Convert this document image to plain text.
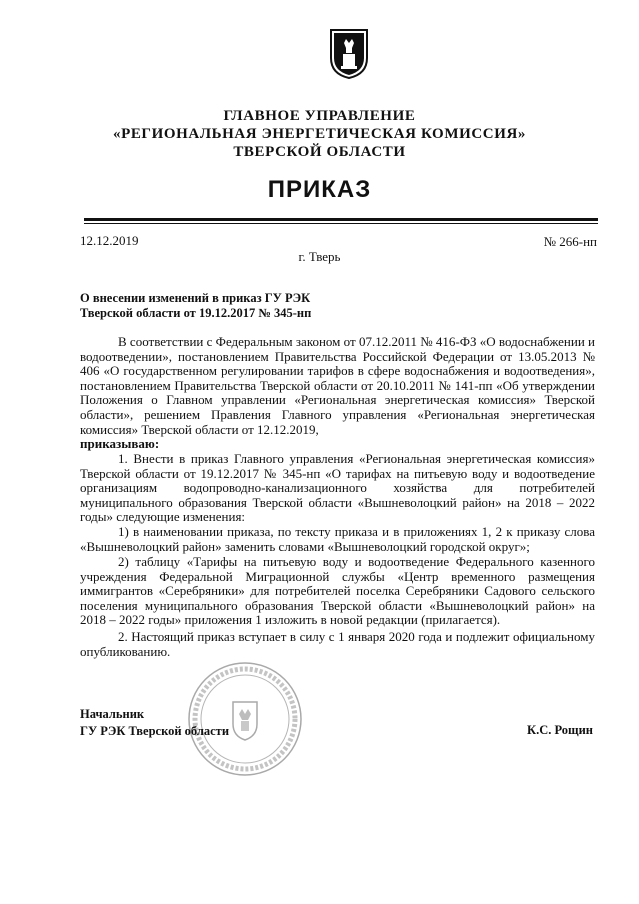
ГЛАВНОЕ УПРАВЛЕНИЕ
«РЕГИОНАЛЬНАЯ ЭНЕРГЕТИЧЕСКАЯ КОМИССИЯ»
ТВЕРСКОЙ ОБЛАСТИ
ПРИКАЗ
12.12.2019	№ 266-нп
г. Тверь
О внесении изменений в приказ ГУ РЭК
Тверской области от 19.12.2017 № 345-нп
В соответствии с Федеральным законом от 07.12.2011 № 416-ФЗ «О водоснабжении и водоотведении», постановлением Правительства Российской Федерации от 13.05.2013 № 406 «О государственном регулировании тарифов в сфере водоснабжения и водоотведения», постановлением Правительства Тверской области от 20.10.2011 № 141-пп «Об утверждении Положения о Главном управлении «Региональная энергетическая комиссия» Тверской области», решением Правления Главного управления «Региональная энергетическая комиссия» Тверской области от 12.12.2019,
приказываю:
1. Внести в приказ Главного управления «Региональная энергетическая комиссия» Тверской области от 19.12.2017 № 345-нп «О тарифах на питьевую воду и водоотведение организациям водопроводно-канализационного хозяйства для потребителей муниципального образования Тверской области «Вышневолоцкий район» на 2018 – 2022 годы» следующие изменения:
1) в наименовании приказа, по тексту приказа и в приложениях 1, 2 к приказу слова «Вышневолоцкий район» заменить словами «Вышневолоцкий городской округ»;
2) таблицу «Тарифы на питьевую воду и водоотведение Федерального казенного учреждения Федеральной Миграционной службы «Центр временного размещения иммигрантов «Серебряники» для потребителей поселка Серебряники Садового сельского поселения муниципального образования Тверской области «Вышневолоцкий район» на 2018 – 2022 годы» приложения 1 изложить в новой редакции (прилагается).
2. Настоящий приказ вступает в силу с 1 января 2020 года и подлежит официальному опубликованию.
Начальник
ГУ РЭК Тверской области	К.С. Рощин
